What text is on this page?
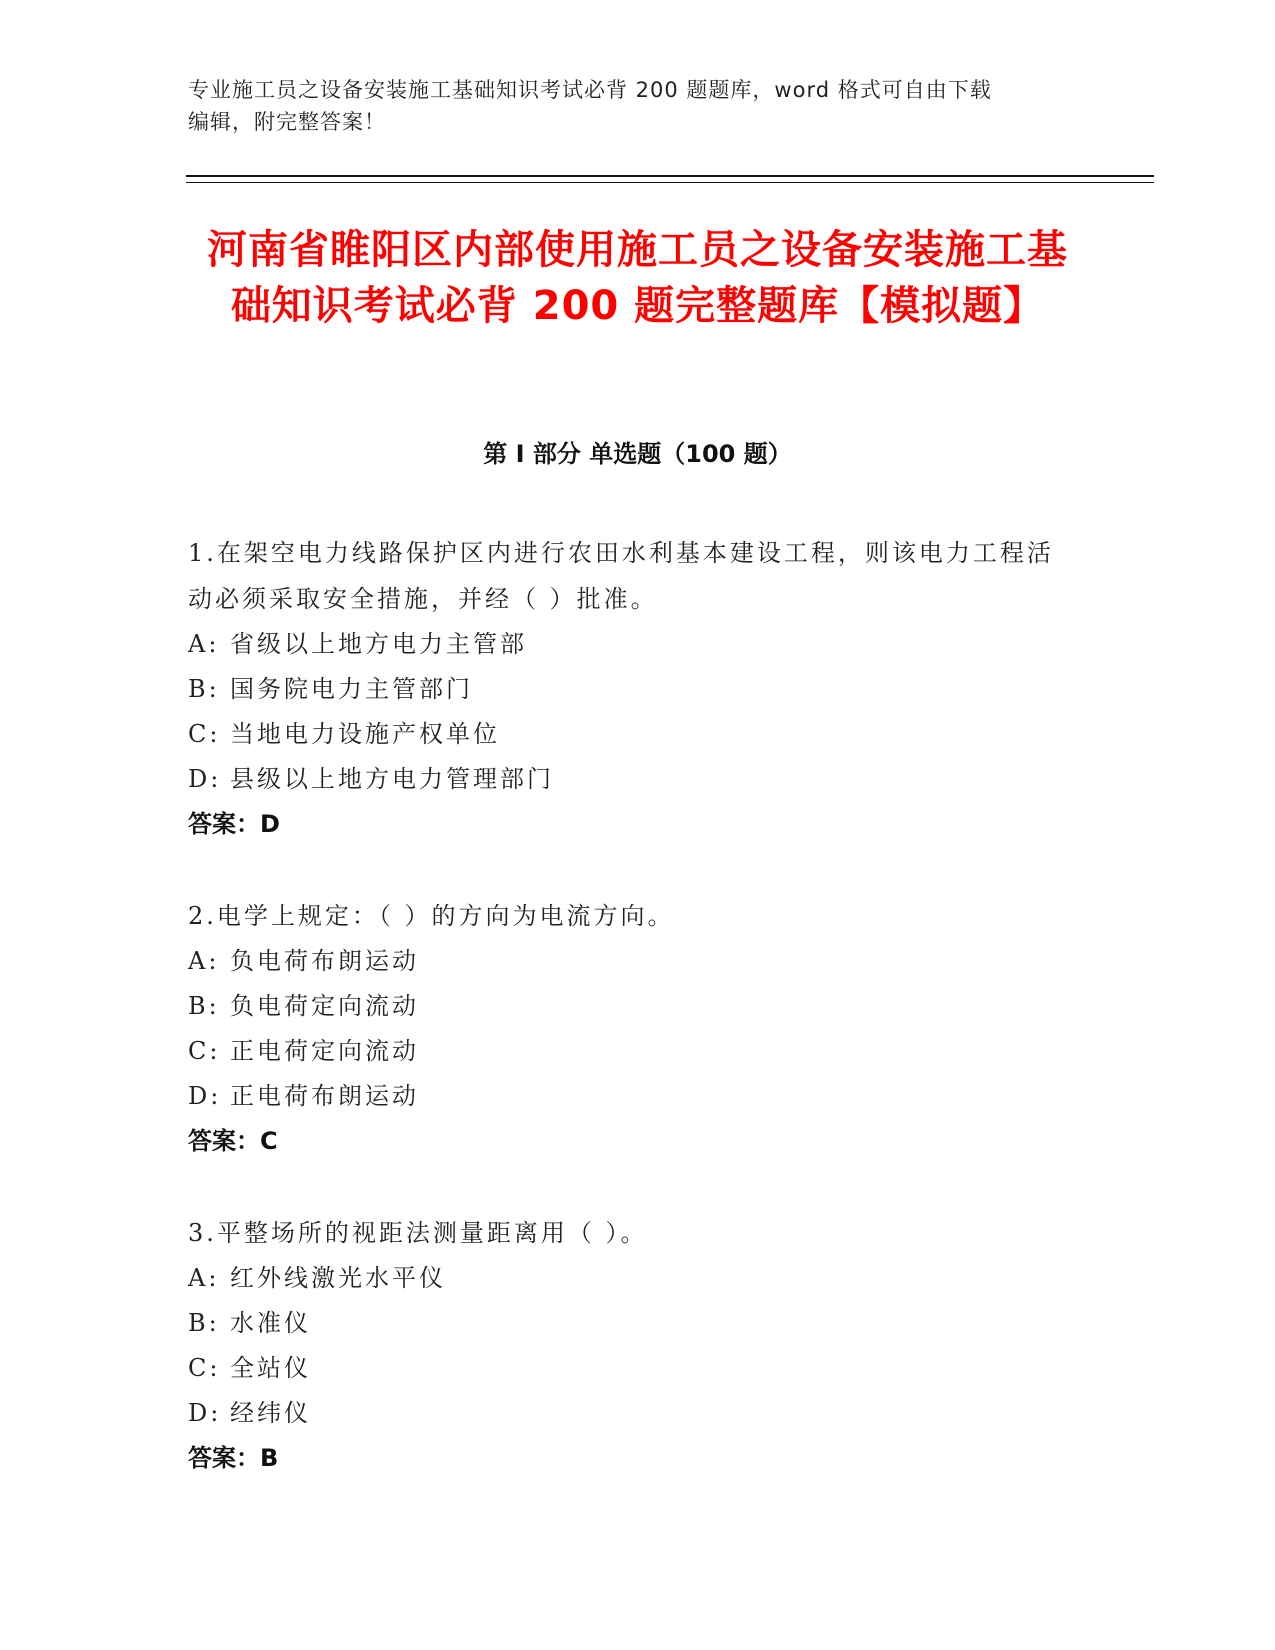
专业施工员之设备安装施工基础知识考试必背 200 题题库，word 格式可自由下载
编辑，附完整答案！
河南省睢阳区内部使用施工员之设备安装施工基础知识考试必背 200 题完整题库【模拟题】
第 I 部分 单选题（100 题）
1.在架空电力线路保护区内进行农田水利基本建设工程，则该电力工程活动必须采取安全措施，并经（ ）批准。
A: 省级以上地方电力主管部
B: 国务院电力主管部门
C: 当地电力设施产权单位
D: 县级以上地方电力管理部门
答案：D
2.电学上规定：（ ）的方向为电流方向。
A: 负电荷布朗运动
B: 负电荷定向流动
C: 正电荷定向流动
D: 正电荷布朗运动
答案：C
3.平整场所的视距法测量距离用（ ）。
A: 红外线激光水平仪
B: 水准仪
C: 全站仪
D: 经纬仪
答案：B
